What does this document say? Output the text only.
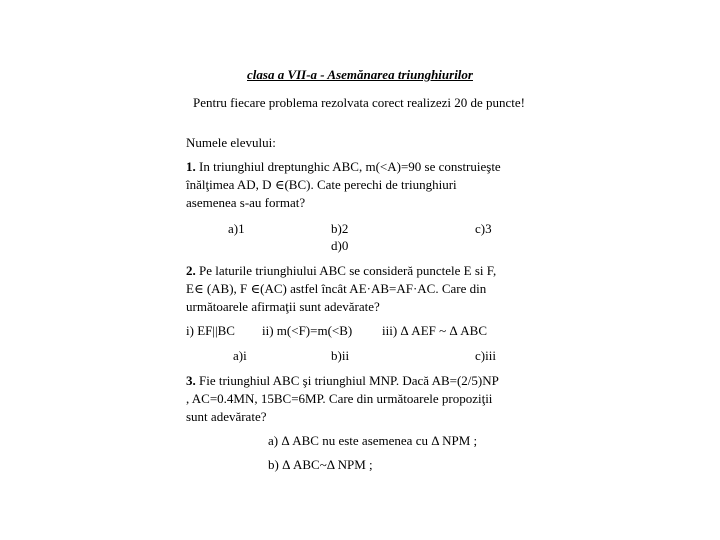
clasa a VII-a - Asemănarea triunghiurilor
Pentru fiecare problema rezolvata corect realizezi 20 de puncte!
Numele elevului:
1. In triunghiul dreptunghic ABC, m(<A)=90 se construieşte
înălţimea AD, D ∈(BC). Cate perechi de triunghiuri
asemenea s-au format?
a)1	b)2	c)3
d)0
2. Pe laturile triunghiului ABC se consideră punctele E si F,
E∈ (AB), F ∈(AC) astfel încât AE·AB=AF·AC. Care din
următoarele afirmaţii sunt adevărate?
i) EF||BC ii) m(<F)=m(<B) iii) Δ AEF ~ Δ ABC
a)i	b)ii	c)iii
3. Fie triunghiul ABC şi triunghiul MNP. Dacă AB=(2/5)NP
, AC=0.4MN, 15BC=6MP. Care din următoarele propoziţii
sunt adevărate?
a) Δ ABC nu este asemenea cu Δ NPM ;
b) Δ ABC~Δ NPM ;
